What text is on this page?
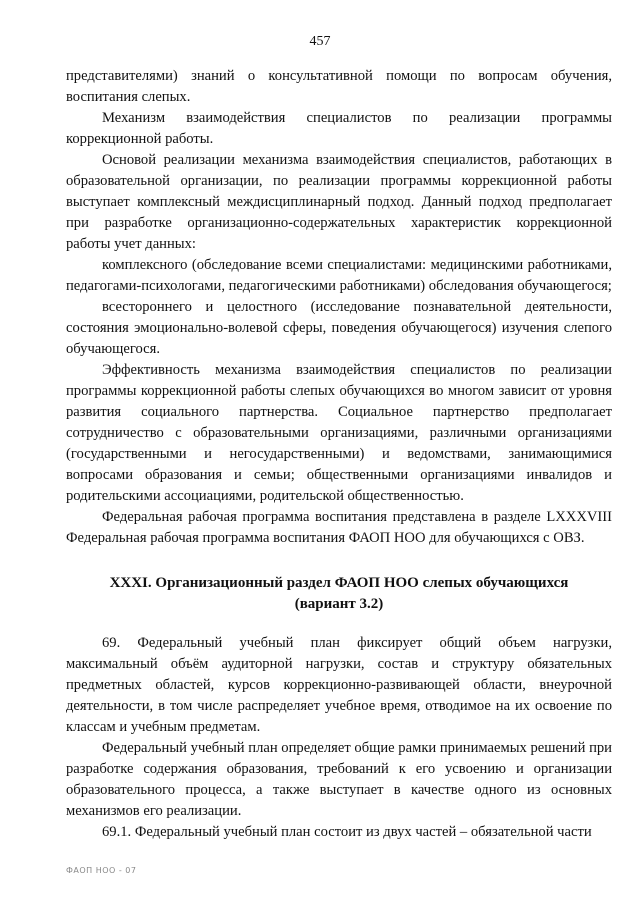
457

представителями) знаний о консультативной помощи по вопросам обучения, воспитания слепых.

Механизм взаимодействия специалистов по реализации программы коррекционной работы.

Основой реализации механизма взаимодействия специалистов, работающих в образовательной организации, по реализации программы коррекционной работы выступает комплексный междисциплинарный подход. Данный подход предполагает при разработке организационно-содержательных характеристик коррекционной работы учет данных:

комплексного (обследование всеми специалистами: медицинскими работниками, педагогами-психологами, педагогическими работниками) обследования обучающегося;

всестороннего и целостного (исследование познавательной деятельности, состояния эмоционально-волевой сферы, поведения обучающегося) изучения слепого обучающегося.

Эффективность механизма взаимодействия специалистов по реализации программы коррекционной работы слепых обучающихся во многом зависит от уровня развития социального партнерства. Социальное партнерство предполагает сотрудничество с образовательными организациями, различными организациями (государственными и негосударственными) и ведомствами, занимающимися вопросами образования и семьи; общественными организациями инвалидов и родительскими ассоциациями, родительской общественностью.

Федеральная рабочая программа воспитания представлена в разделе LXXXVIII Федеральная рабочая программа воспитания ФАОП НОО для обучающихся с ОВЗ.

XXXI. Организационный раздел ФАОП НОО слепых обучающихся
(вариант 3.2)

69. Федеральный учебный план фиксирует общий объем нагрузки, максимальный объём аудиторной нагрузки, состав и структуру обязательных предметных областей, курсов коррекционно-развивающей области, внеурочной деятельности, в том числе распределяет учебное время, отводимое на их освоение по классам и учебным предметам.

Федеральный учебный план определяет общие рамки принимаемых решений при разработке содержания образования, требований к его усвоению и организации образовательного процесса, а также выступает в качестве одного из основных механизмов его реализации.

69.1. Федеральный учебный план состоит из двух частей – обязательной части

ФАОП НОО - 07
